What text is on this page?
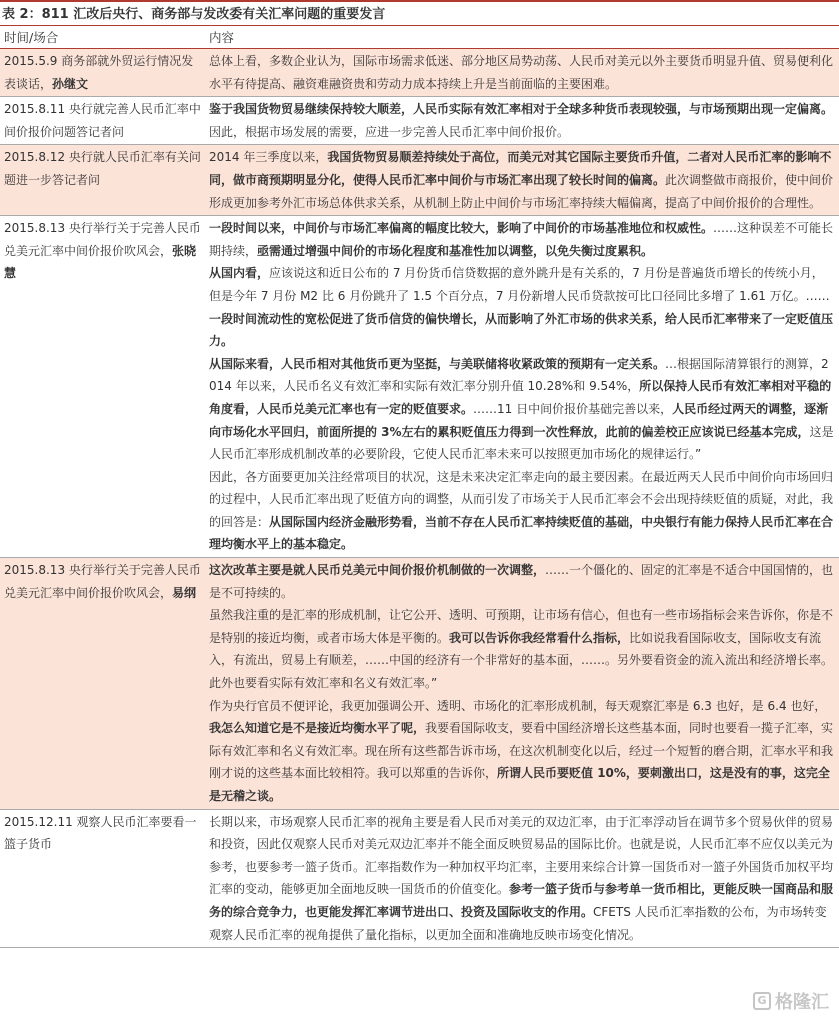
表 2：811 汇改后央行、商务部与发改委有关汇率问题的重要发言
时间/场合	内容
2015.5.9 商务部就外贸运行情况发表谈话，孙继文	总体上看，多数企业认为，国际市场需求低迷、部分地区局势动荡、人民币对美元以外主要货币明显升值、贸易便利化水平有待提高、融资难融资贵和劳动力成本持续上升是当前面临的主要困难。

2015.8.11 央行就完善人民币汇率中间价报价问题答记者问	鉴于我国货物贸易继续保持较大顺差，人民币实际有效汇率相对于全球多种货币表现较强，与市场预期出现一定偏离。因此，根据市场发展的需要，应进一步完善人民币汇率中间价报价。

2015.8.12 央行就人民币汇率有关问题进一步答记者问	2014 年三季度以来，我国货物贸易顺差持续处于高位，而美元对其它国际主要货币升值，二者对人民币汇率的影响不同，做市商预期明显分化，使得人民币汇率中间价与市场汇率出现了较长时间的偏离。此次调整做市商报价，使中间价形成更加参考外汇市场总体供求关系，从机制上防止中间价与市场汇率持续大幅偏离，提高了中间价报价的合理性。

2015.8.13 央行举行关于完善人民币兑美元汇率中间价报价吹风会，张晓慧	一段时间以来，中间价与市场汇率偏离的幅度比较大，影响了中间价的市场基准地位和权威性。……这种误差不可能长期持续，亟需通过增强中间价的市场化程度和基准性加以调整，以免失衡过度累积。

从国内看，应该说这和近日公布的 7 月份货币信贷数据的意外跳升是有关系的，7 月份是普遍货币增长的传统小月，但是今年 7 月份 M2 比 6 月份跳升了 1.5 个百分点，7 月份新增人民币贷款按可比口径同比多增了 1.61 万亿。……一段时间流动性的宽松促进了货币信贷的偏快增长，从而影响了外汇市场的供求关系，给人民币汇率带来了一定贬值压力。

从国际来看，人民币相对其他货币更为坚挺，与美联储将收紧政策的预期有一定关系。…根据国际清算银行的测算，2014 年以来，人民币名义有效汇率和实际有效汇率分别升值 10.28%和 9.54%，所以保持人民币有效汇率相对平稳的角度看，人民币兑美元汇率也有一定的贬值要求。……11 日中间价报价基础完善以来，人民币经过两天的调整，逐渐向市场化水平回归，前面所提的 3%左右的累积贬值压力得到一次性释放，此前的偏差校正应该说已经基本完成，这是人民币汇率形成机制改革的必要阶段，它使人民币汇率未来可以按照更加市场化的规律运行。”

因此，各方面要更加关注经常项目的状况，这是未来决定汇率走向的最主要因素。在最近两天人民币中间价向市场回归的过程中，人民币汇率出现了贬值方向的调整，从而引发了市场关于人民币汇率会不会出现持续贬值的质疑，对此，我的回答是：从国际国内经济金融形势看，当前不存在人民币汇率持续贬值的基础，中央银行有能力保持人民币汇率在合理均衡水平上的基本稳定。

2015.8.13 央行举行关于完善人民币兑美元汇率中间价报价吹风会，易纲	这次改革主要是就人民币兑美元中间价报价机制做的一次调整，……一个僵化的、固定的汇率是不适合中国国情的，也是不可持续的。

虽然我注重的是汇率的形成机制，让它公开、透明、可预期，让市场有信心，但也有一些市场指标会来告诉你，你是不是特别的接近均衡，或者市场大体是平衡的。我可以告诉你我经常看什么指标，比如说我看国际收支，国际收支有流入，有流出，贸易上有顺差，……中国的经济有一个非常好的基本面，……。另外要看资金的流入流出和经济增长率。此外也要看实际有效汇率和名义有效汇率。”

作为央行官员不便评论，我更加强调公开、透明、市场化的汇率形成机制，每天观察汇率是 6.3 也好，是 6.4 也好，我怎么知道它是不是接近均衡水平了呢，我要看国际收支，要看中国经济增长这些基本面，同时也要看一揽子汇率，实际有效汇率和名义有效汇率。现在所有这些都告诉市场，在这次机制变化以后，经过一个短暂的磨合期，汇率水平和我刚才说的这些基本面比较相符。我可以郑重的告诉你，所谓人民币要贬值 10%，要刺激出口，这是没有的事，这完全是无稽之谈。

2015.12.11 观察人民币汇率要看一篮子货币	长期以来，市场观察人民币汇率的视角主要是看人民币对美元的双边汇率，由于汇率浮动旨在调节多个贸易伙伴的贸易和投资，因此仅观察人民币对美元双边汇率并不能全面反映贸易品的国际比价。也就是说，人民币汇率不应仅以美元为参考，也要参考一篮子货币。汇率指数作为一种加权平均汇率，主要用来综合计算一国货币对一篮子外国货币加权平均汇率的变动，能够更加全面地反映一国货币的价值变化。参考一篮子货币与参考单一货币相比，更能反映一国商品和服务的综合竞争力，也更能发挥汇率调节进出口、投资及国际收支的作用。CFETS 人民币汇率指数的公布，为市场转变观察人民币汇率的视角提供了量化指标，以更加全面和准确地反映市场变化情况。

G 格隆汇
